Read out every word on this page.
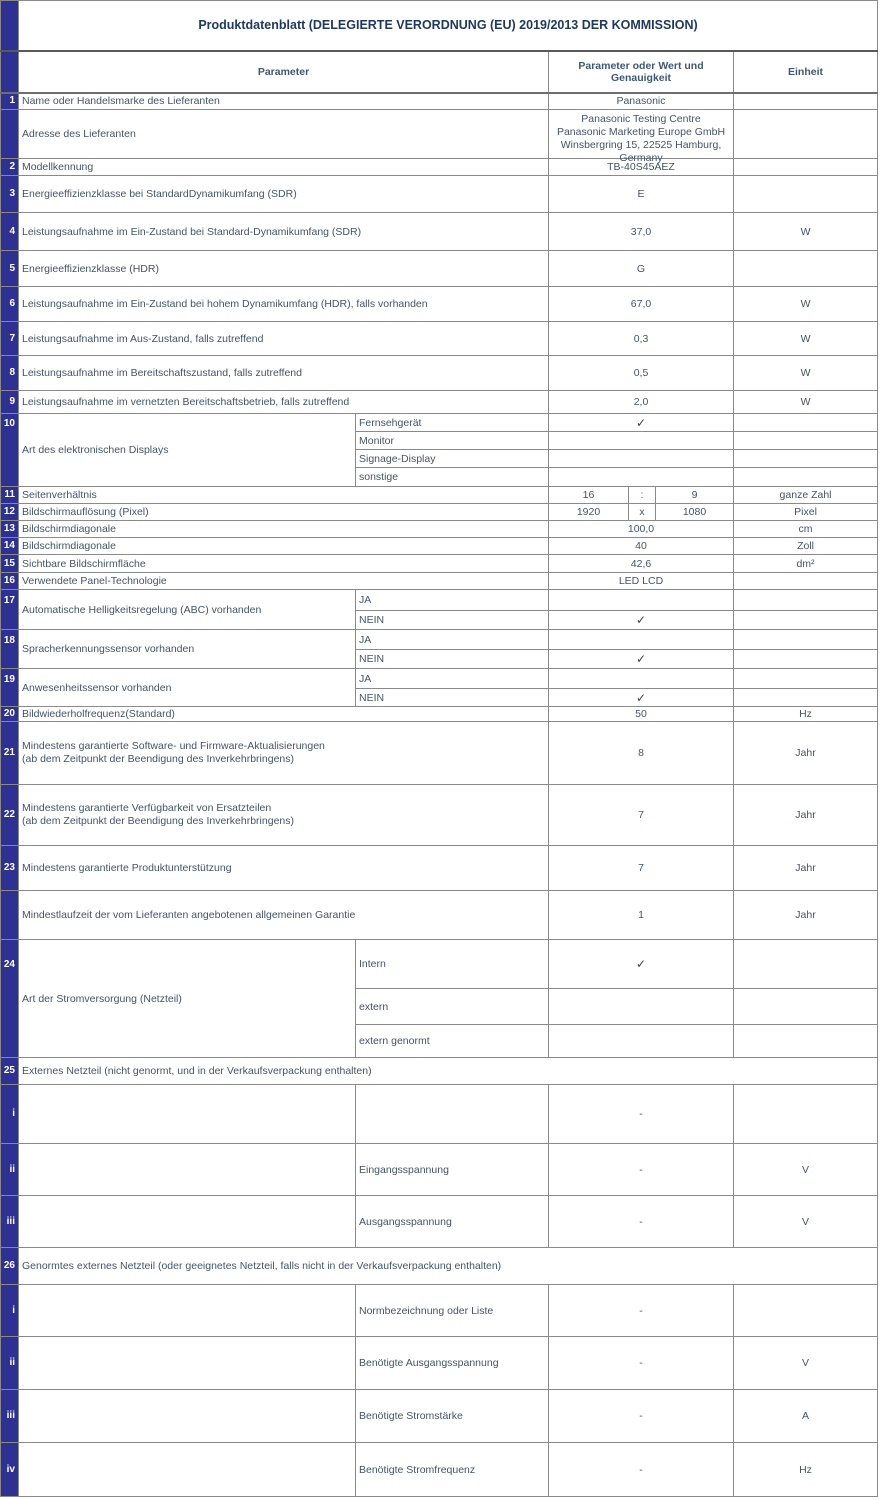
	Produktdatenblatt (DELEGIERTE VERORDNUNG (EU) 2019/2013 DER KOMMISSION)					
	Parameter		Parameter oder Wert und Genauigkeit			Einheit
1	Name oder Handelsmarke des Lieferanten		Panasonic			
	Adresse des Lieferanten		Panasonic Testing Centre
Panasonic Marketing Europe GmbH
Winsbergring 15, 22525 Hamburg,
Germany			

2	Modellkennung		TB-40S45AEZ			
3	Energieeffizienzklasse bei StandardDynamikumfang (SDR)		E			
4	Leistungsaufnahme im Ein-Zustand bei Standard-Dynamikumfang (SDR)		37,0			W
5	Energieeffizienzklasse (HDR)		G			
6	Leistungsaufnahme im Ein-Zustand bei hohem Dynamikumfang (HDR), falls vorhanden		67,0			W
7	Leistungsaufnahme im Aus-Zustand, falls zutreffend		0,3			W
8	Leistungsaufnahme im Bereitschaftszustand, falls zutreffend		0,5			W
9	Leistungsaufnahme im vernetzten Bereitschaftsbetrieb, falls zutreffend		2,0			W
10	Art des elektronischen Displays	Fernsehgerät	✓			
		Monitor				
		Signage-Display				
		sonstige				
11	Seitenverhältnis		16	:	9	ganze Zahl
12	Bildschirmauflösung (Pixel)		1920	x	1080	Pixel
13	Bildschirmdiagonale		100,0			cm
14	Bildschirmdiagonale		40			Zoll
15	Sichtbare Bildschirmfläche		42,6			dm²
16	Verwendete Panel-Technologie		LED LCD			
17	Automatische Helligkeitsregelung (ABC) vorhanden	JA				
		NEIN	✓			
18	Spracherkennungssensor vorhanden	JA				
		NEIN	✓			
19	Anwesenheitssensor vorhanden	JA				
		NEIN	✓			
20	Bildwiederholfrequenz(Standard)		50			Hz
21	Mindestens garantierte Software- und Firmware-Aktualisierungen
(ab dem Zeitpunkt der Beendigung des Inverkehrbringens)		8			Jahr
22	Mindestens garantierte Verfügbarkeit von Ersatzteilen
(ab dem Zeitpunkt der Beendigung des Inverkehrbringens)		7			Jahr
23	Mindestens garantierte Produktunterstützung		7			Jahr
	Mindestlaufzeit der vom Lieferanten angebotenen allgemeinen Garantie		1			Jahr
24	Art der Stromversorgung (Netzteil)	Intern	✓			
		extern				
		extern genormt				
25	Externes Netzteil (nicht genormt, und in der Verkaufsverpackung enthalten)					
i			-			
ii		Eingangsspannung	-			V
iii		Ausgangsspannung	-			V
26	Genormtes externes Netzteil (oder geeignetes Netzteil, falls nicht in der Verkaufsverpackung enthalten)					
i		Normbezeichnung oder Liste	-			
ii		Benötigte Ausgangsspannung	-			V
iii		Benötigte Stromstärke	-			A
iv		Benötigte Stromfrequenz	-			Hz
